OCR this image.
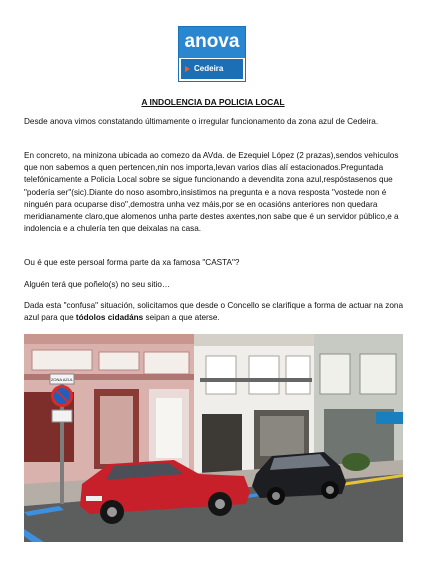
anova
Cedeira
A INDOLENCIA DA POLICIA LOCAL

Desde anova vimos constatando últimamente o irregular funcionamento da zona azul de Cedeira.

En concreto, na minizona ubicada ao comezo da AVda. de Ezequiel López (2 prazas),sendos vehiculos que non sabemos a quen pertencen,nin nos importa,levan varios días alí estacionados.Preguntada telefónicamente a Policia Local sobre se sigue funcionando a devendita zona azul,respóstasenos que "podería ser"(sic).Diante do noso asombro,insistimos na pregunta e a nova resposta "vostede non é ninguén para ocuparse diso",demostra unha vez máis,por se en ocasións anteriores non quedara meridianamente claro,que alomenos unha parte destes axentes,non sabe que é un servidor público,e a indolencia e a chulería ten que deixalas na casa.

Ou é que este persoal forma parte da xa famosa "CASTA"?

Alguén terá que poñelo(s) no seu sitio…

Dada esta "confusa" situación, solicitamos que desde o Concello se clarifique a forma de actuar na zona azul para que tódolos cidadáns seipan a que aterse.

ZONA AZUL
